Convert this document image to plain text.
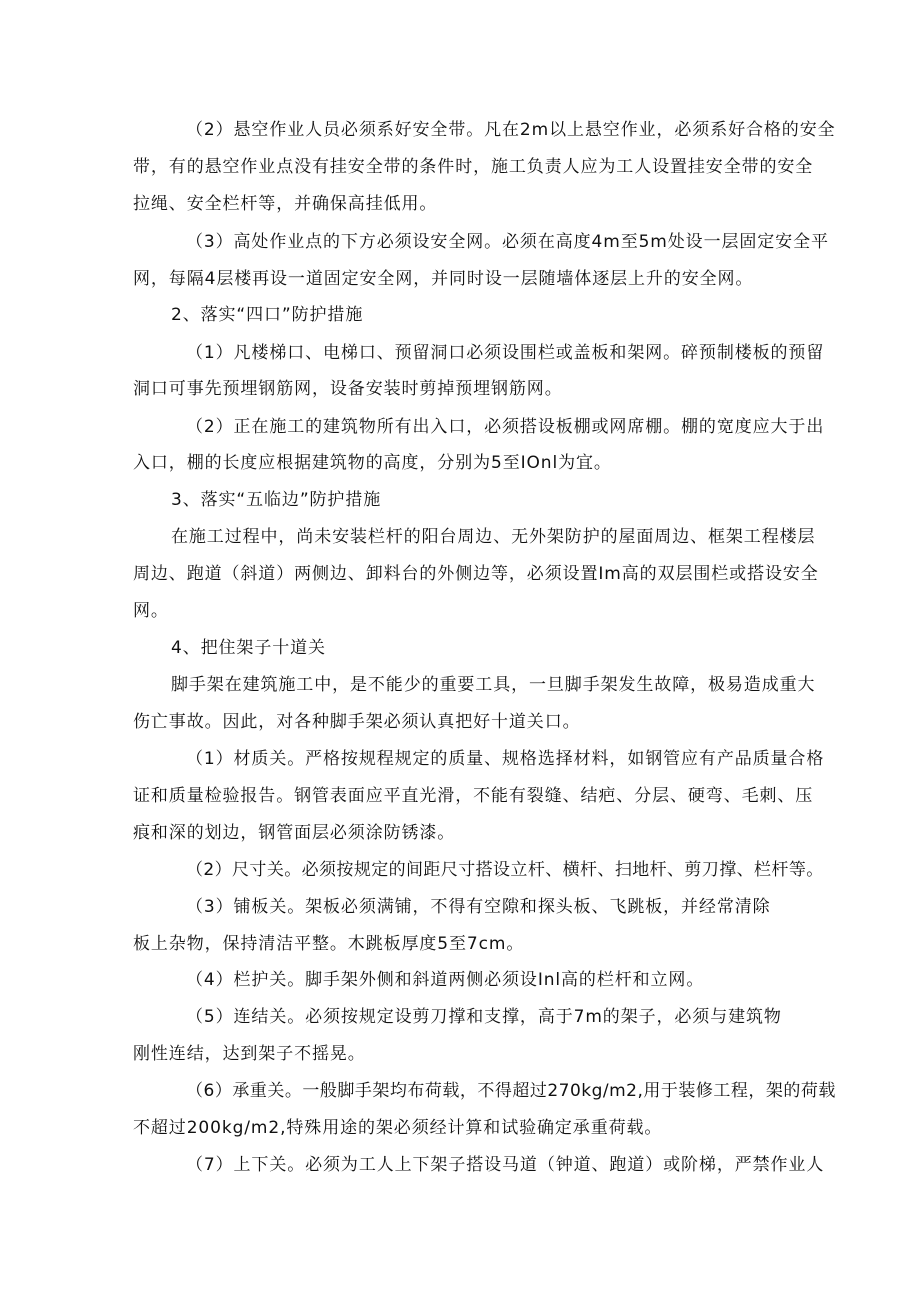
（2）悬空作业人员必须系好安全带。凡在2m以上悬空作业，必须系好合格的安全
带，有的悬空作业点没有挂安全带的条件时，施工负责人应为工人设置挂安全带的安全
拉绳、安全栏杆等，并确保高挂低用。
（3）高处作业点的下方必须设安全网。必须在高度4m至5m处设一层固定安全平
网，每隔4层楼再设一道固定安全网，并同时设一层随墙体逐层上升的安全网。
2、落实“四口”防护措施
（1）凡楼梯口、电梯口、预留洞口必须设围栏或盖板和架网。碎预制楼板的预留
洞口可事先预埋钢筋网，设备安装时剪掉预埋钢筋网。
（2）正在施工的建筑物所有出入口，必须搭设板棚或网席棚。棚的宽度应大于出
入口，棚的长度应根据建筑物的高度，分别为5至IOnl为宜。
3、落实“五临边”防护措施
在施工过程中，尚未安装栏杆的阳台周边、无外架防护的屋面周边、框架工程楼层
周边、跑道（斜道）两侧边、卸料台的外侧边等，必须设置Im高的双层围栏或搭设安全
网。
4、把住架子十道关
脚手架在建筑施工中，是不能少的重要工具，一旦脚手架发生故障，极易造成重大
伤亡事故。因此，对各种脚手架必须认真把好十道关口。
（1）材质关。严格按规程规定的质量、规格选择材料，如钢管应有产品质量合格
证和质量检验报告。钢管表面应平直光滑，不能有裂缝、结疤、分层、硬弯、毛刺、压
痕和深的划边，钢管面层必须涂防锈漆。
（2）尺寸关。必须按规定的间距尺寸搭设立杆、横杆、扫地杆、剪刀撑、栏杆等。
（3）铺板关。架板必须满铺，不得有空隙和探头板、飞跳板，并经常清除
板上杂物，保持清洁平整。木跳板厚度5至7cm。
（4）栏护关。脚手架外侧和斜道两侧必须设Inl高的栏杆和立网。
（5）连结关。必须按规定设剪刀撑和支撑，高于7m的架子，必须与建筑物
刚性连结，达到架子不摇晃。
（6）承重关。一般脚手架均布荷载，不得超过270kg/m2,用于装修工程，架的荷载
不超过200kg/m2,特殊用途的架必须经计算和试验确定承重荷载。
（7）上下关。必须为工人上下架子搭设马道（钟道、跑道）或阶梯，严禁作业人
